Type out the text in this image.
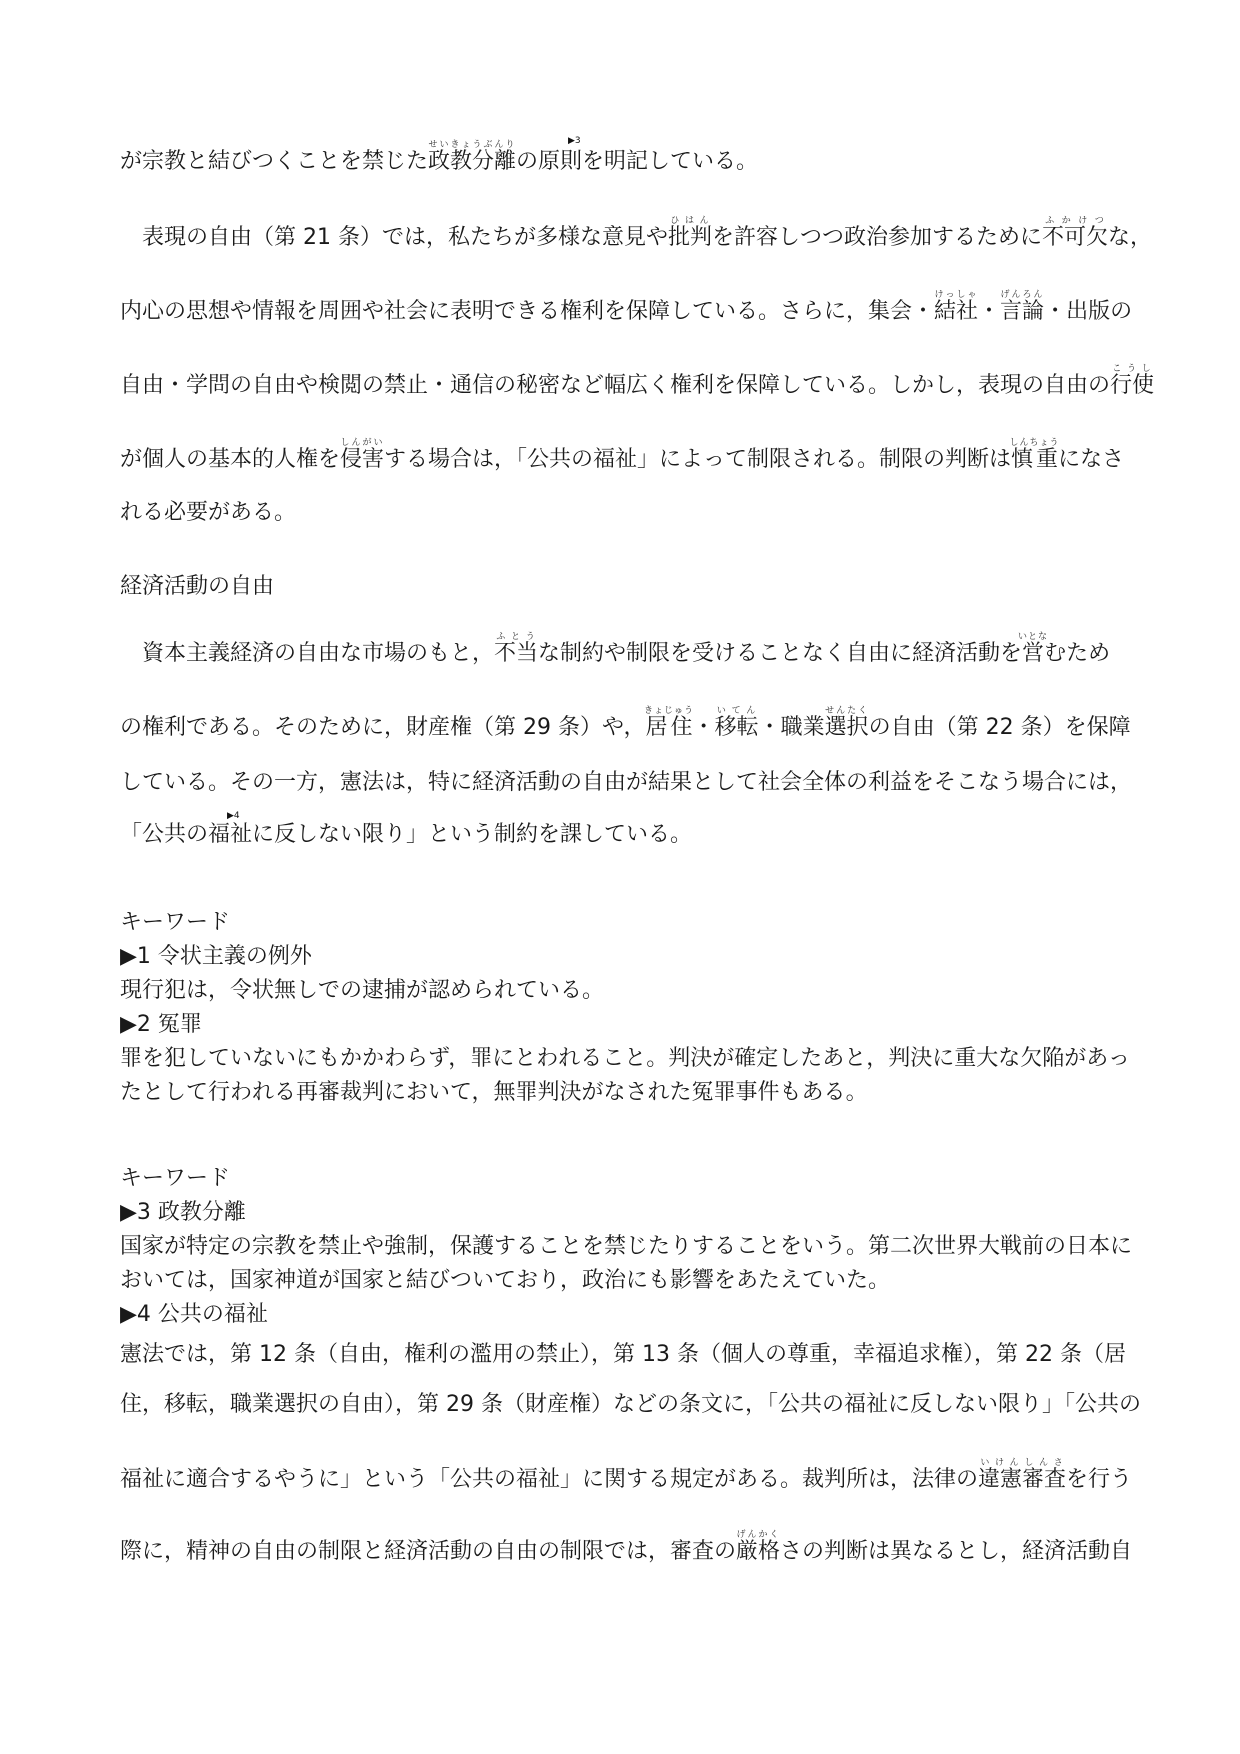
が宗教と結びつくことを禁じた政教分離せいきょうぶんりの原則を明記している。
▶3
表現の自由（第 21 条）では，私たちが多様な意見や批判ひはんを許容しつつ政治参加するために不可欠ふかけつな，
内心の思想や情報を周囲や社会に表明できる権利を保障している。さらに，集会・結社けっしゃ・言論げんろん・出版の
自由・学問の自由や検閲の禁止・通信の秘密など幅広く権利を保障している。しかし，表現の自由の行使こうし
が個人の基本的人権を侵害しんがいする場合は，「公共の福祉」によって制限される。制限の判断は慎重しんちょうになさ
れる必要がある。
経済活動の自由
資本主義経済の自由な市場のもと，不当ふとうな制約や制限を受けることなく自由に経済活動を営いとなむため
の権利である。そのために，財産権（第 29 条）や，居住きょじゅう・移転いてん・職業選択せんたくの自由（第 22 条）を保障
している。その一方，憲法は，特に経済活動の自由が結果として社会全体の利益をそこなう場合には，
「公共の福祉に反しない限り」という制約を課している。
▶4
キーワード
▶1 令状主義の例外
現行犯は，令状無しでの逮捕が認められている。
▶2 冤罪
罪を犯していないにもかかわらず，罪にとわれること。判決が確定したあと，判決に重大な欠陥があっ
たとして行われる再審裁判において，無罪判決がなされた冤罪事件もある。
キーワード
▶3 政教分離
国家が特定の宗教を禁止や強制，保護することを禁じたりすることをいう。第二次世界大戦前の日本に
おいては，国家神道が国家と結びついており，政治にも影響をあたえていた。
▶4 公共の福祉
憲法では，第 12 条（自由，権利の濫用の禁止），第 13 条（個人の尊重，幸福追求権），第 22 条（居
住，移転，職業選択の自由），第 29 条（財産権）などの条文に，「公共の福祉に反しない限り」「公共の
福祉に適合するやうに」という「公共の福祉」に関する規定がある。裁判所は，法律の違憲審査いけんしんさを行う
際に，精神の自由の制限と経済活動の自由の制限では，審査の厳格げんかくさの判断は異なるとし，経済活動自
